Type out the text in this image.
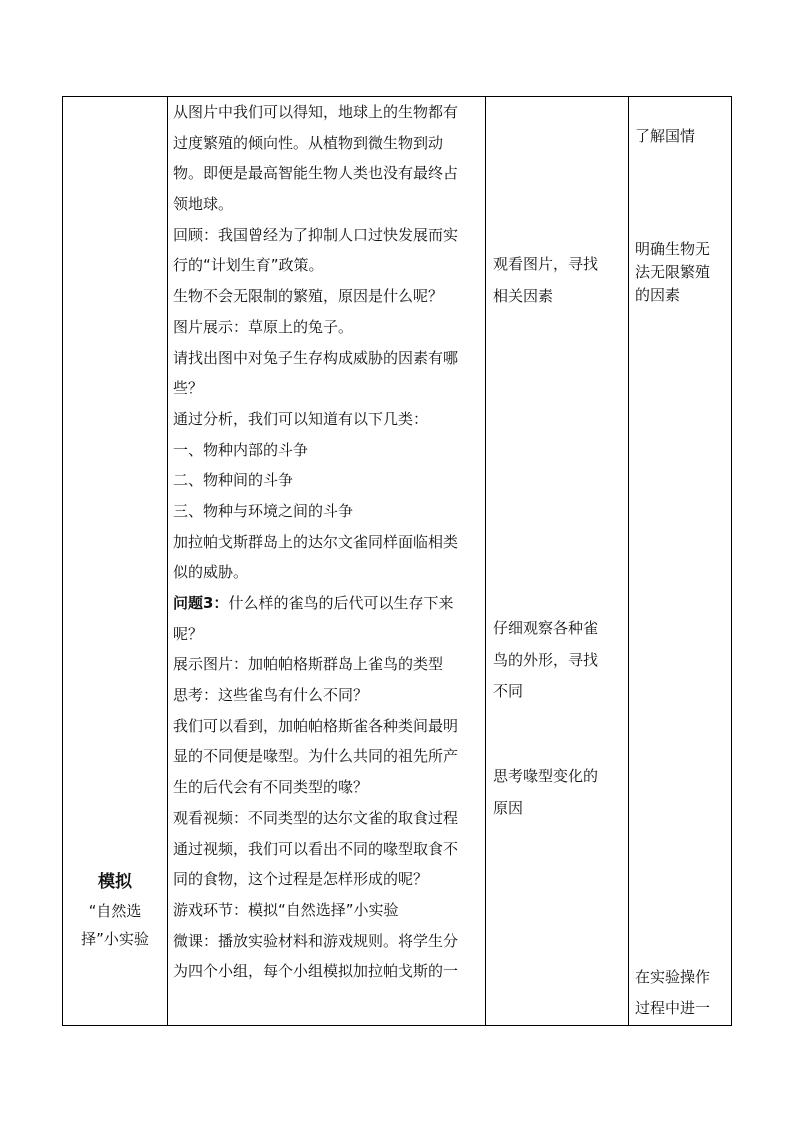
模拟
“自然选
择”小实验
从图片中我们可以得知，地球上的生物都有
过度繁殖的倾向性。从植物到微生物到动
物。即便是最高智能生物人类也没有最终占
领地球。
回顾：我国曾经为了抑制人口过快发展而实
行的“计划生育”政策。
生物不会无限制的繁殖，原因是什么呢？
图片展示：草原上的兔子。
请找出图中对兔子生存构成威胁的因素有哪
些？
通过分析，我们可以知道有以下几类：
一、物种内部的斗争
二、物种间的斗争
三、物种与环境之间的斗争
加拉帕戈斯群岛上的达尔文雀同样面临相类
似的威胁。
问题3：什么样的雀鸟的后代可以生存下来
呢？
展示图片：加帕帕格斯群岛上雀鸟的类型
思考：这些雀鸟有什么不同？
我们可以看到，加帕帕格斯雀各种类间最明
显的不同便是喙型。为什么共同的祖先所产
生的后代会有不同类型的喙？
观看视频：不同类型的达尔文雀的取食过程
通过视频，我们可以看出不同的喙型取食不
同的食物，这个过程是怎样形成的呢？
游戏环节：模拟“自然选择”小实验
微课：播放实验材料和游戏规则。将学生分
为四个小组，每个小组模拟加拉帕戈斯的一
观看图片，寻找
相关因素
仔细观察各种雀
鸟的外形，寻找
不同
思考喙型变化的
原因
了解国情
明确生物无
法无限繁殖
的因素
在实验操作
过程中进一
